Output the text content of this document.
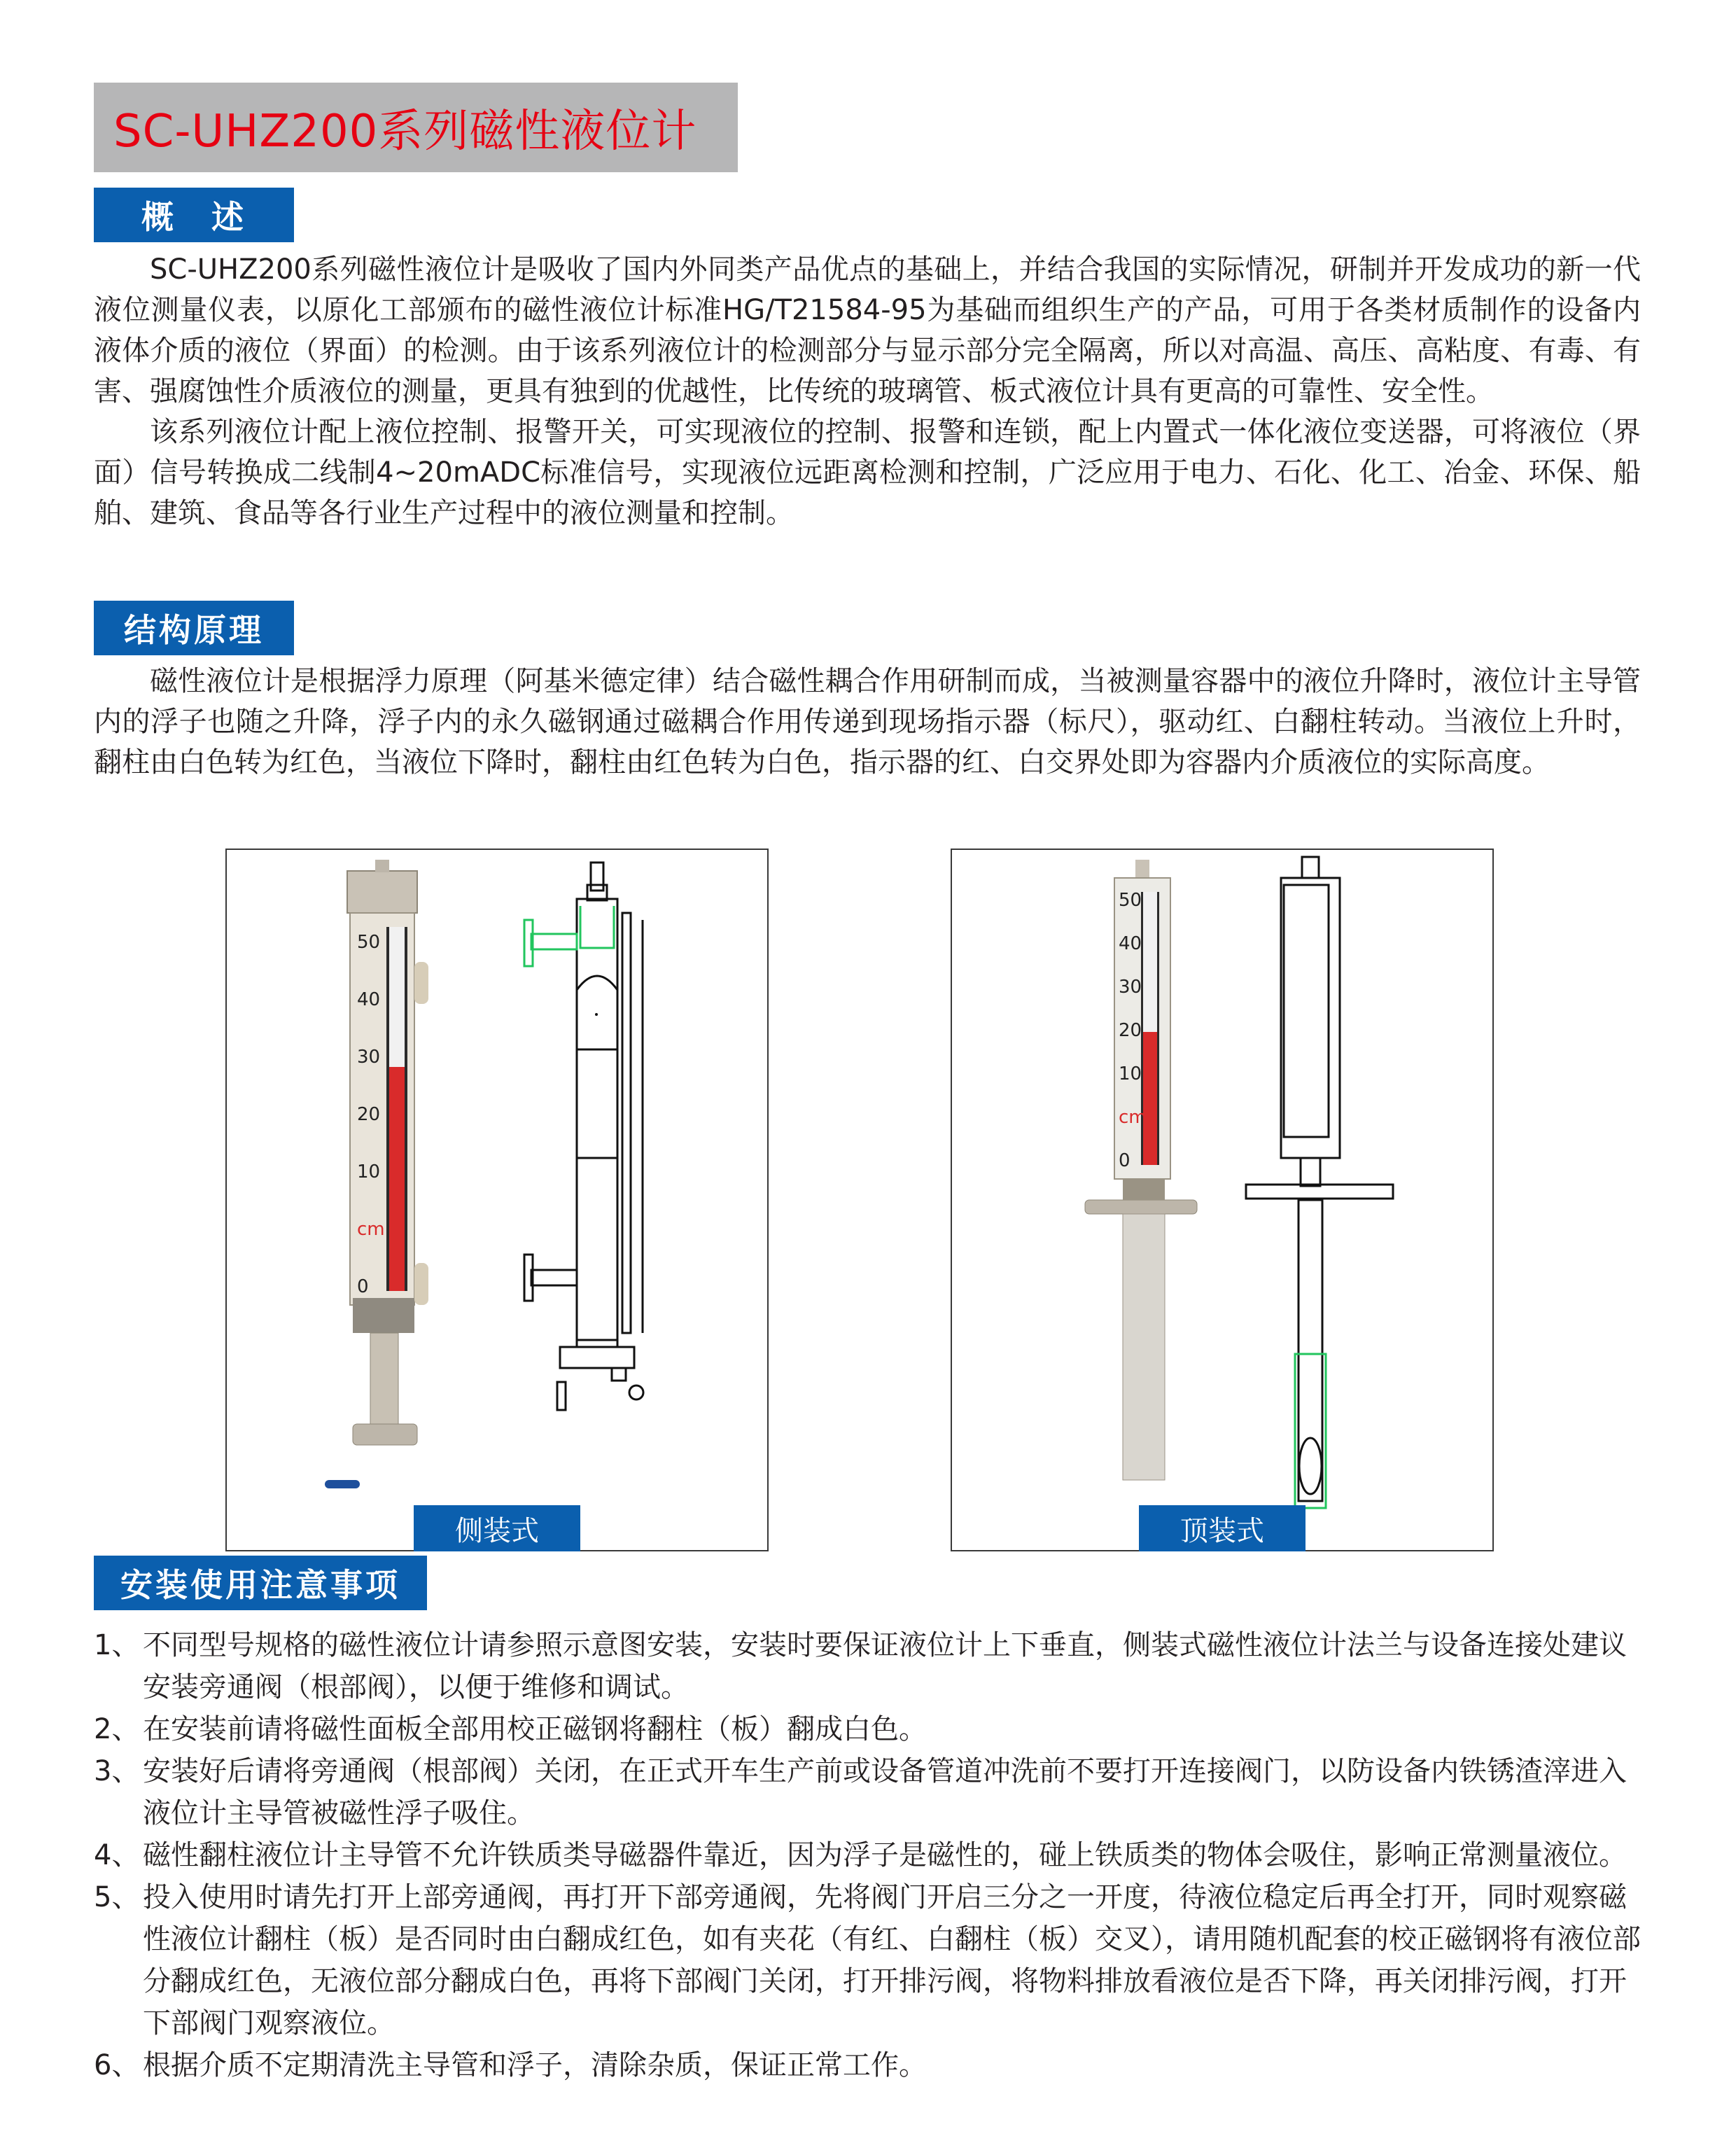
SC-UHZ200系列磁性液位计
概　述

SC-UHZ200系列磁性液位计是吸收了国内外同类产品优点的基础上，并结合我国的实际情况，研制并开发成功的新一代液位测量仪表，以原化工部颁布的磁性液位计标准HG/T21584-95为基础而组织生产的产品，可用于各类材质制作的设备内液体介质的液位（界面）的检测。由于该系列液位计的检测部分与显示部分完全隔离，所以对高温、高压、高粘度、有毒、有害、强腐蚀性介质液位的测量，更具有独到的优越性，比传统的玻璃管、板式液位计具有更高的可靠性、安全性。

该系列液位计配上液位控制、报警开关，可实现液位的控制、报警和连锁，配上内置式一体化液位变送器，可将液位（界面）信号转换成二线制4~20mADC标准信号，实现液位远距离检测和控制，广泛应用于电力、石化、化工、冶金、环保、船舶、建筑、食品等各行业生产过程中的液位测量和控制。

结构原理

磁性液位计是根据浮力原理（阿基米德定律）结合磁性耦合作用研制而成，当被测量容器中的液位升降时，液位计主导管内的浮子也随之升降，浮子内的永久磁钢通过磁耦合作用传递到现场指示器（标尺），驱动红、白翻柱转动。当液位上升时，翻柱由白色转为红色，当液位下降时，翻柱由红色转为白色，指示器的红、白交界处即为容器内介质液位的实际高度。

50
40
30
20
10
cm
0
侧装式
50
40
30
20
10
cm
0
顶装式
安装使用注意事项
1、 不同型号规格的磁性液位计请参照示意图安装，安装时要保证液位计上下垂直，侧装式磁性液位计法兰与设备连接处建议安装旁通阀（根部阀），以便于维修和调试。
2、 在安装前请将磁性面板全部用校正磁钢将翻柱（板）翻成白色。
3、 安装好后请将旁通阀（根部阀）关闭，在正式开车生产前或设备管道冲洗前不要打开连接阀门，以防设备内铁锈渣滓进入液位计主导管被磁性浮子吸住。
4、 磁性翻柱液位计主导管不允许铁质类导磁器件靠近，因为浮子是磁性的，碰上铁质类的物体会吸住，影响正常测量液位。
5、 投入使用时请先打开上部旁通阀，再打开下部旁通阀，先将阀门开启三分之一开度，待液位稳定后再全打开，同时观察磁性液位计翻柱（板）是否同时由白翻成红色，如有夹花（有红、白翻柱（板）交叉），请用随机配套的校正磁钢将有液位部分翻成红色，无液位部分翻成白色，再将下部阀门关闭，打开排污阀，将物料排放看液位是否下降，再关闭排污阀，打开下部阀门观察液位。
6、 根据介质不定期清洗主导管和浮子，清除杂质，保证正常工作。
